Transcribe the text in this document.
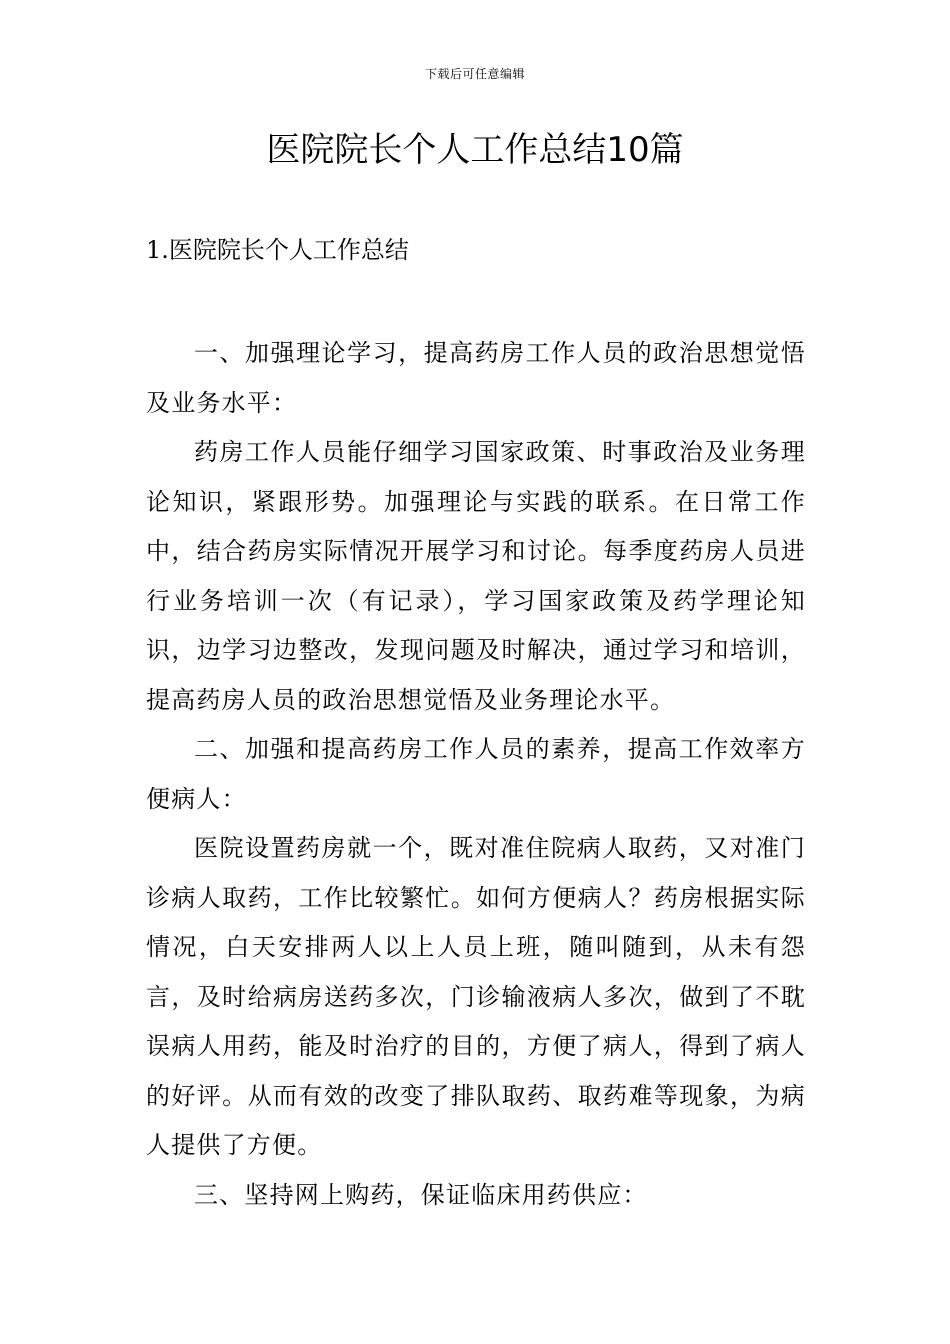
下载后可任意编辑
医院院长个人工作总结10篇
1.医院院长个人工作总结

一、加强理论学习，提高药房工作人员的政治思想觉悟及业务水平：

药房工作人员能仔细学习国家政策、时事政治及业务理论知识，紧跟形势。加强理论与实践的联系。在日常工作中，结合药房实际情况开展学习和讨论。每季度药房人员进行业务培训一次（有记录），学习国家政策及药学理论知识，边学习边整改，发现问题及时解决，通过学习和培训，提高药房人员的政治思想觉悟及业务理论水平。

二、加强和提高药房工作人员的素养，提高工作效率方便病人：

医院设置药房就一个，既对准住院病人取药，又对准门诊病人取药，工作比较繁忙。如何方便病人？药房根据实际情况，白天安排两人以上人员上班，随叫随到，从未有怨言，及时给病房送药多次，门诊输液病人多次，做到了不耽误病人用药，能及时治疗的目的，方便了病人，得到了病人的好评。从而有效的改变了排队取药、取药难等现象，为病人提供了方便。

三、坚持网上购药，保证临床用药供应：
